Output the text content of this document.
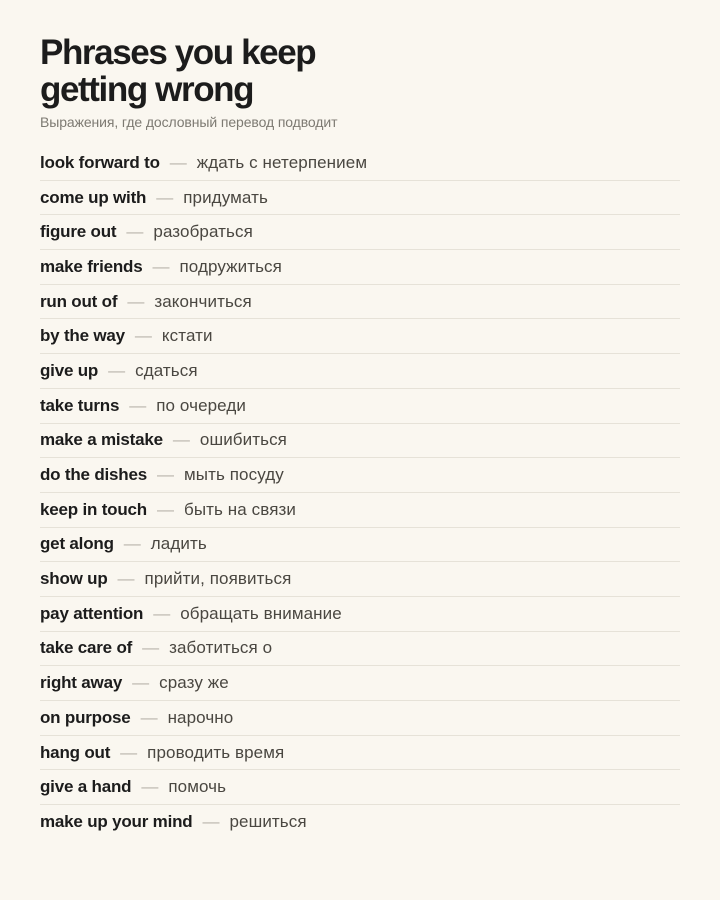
Phrases you keep getting wrong

Выражения, где дословный перевод подводит

look forward to — ждать с нетерпением
come up with — придумать
figure out — разобраться
make friends — подружиться
run out of — закончиться
by the way — кстати
give up — сдаться
take turns — по очереди
make a mistake — ошибиться
do the dishes — мыть посуду
keep in touch — быть на связи
get along — ладить
show up — прийти, появиться
pay attention — обращать внимание
take care of — заботиться о
right away — сразу же
on purpose — нарочно
hang out — проводить время
give a hand — помочь
make up your mind — решиться
